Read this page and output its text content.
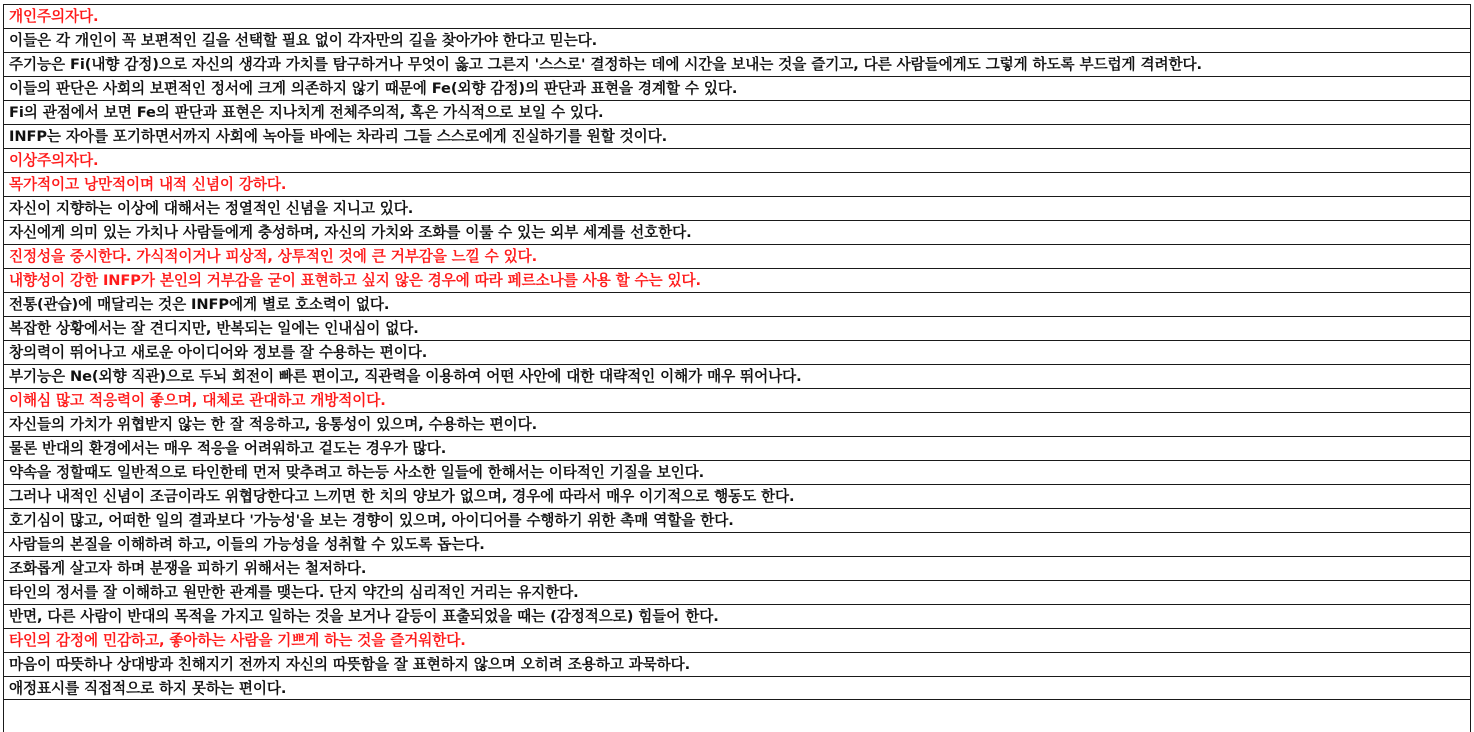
개인주의자다.
이들은 각 개인이 꼭 보편적인 길을 선택할 필요 없이 각자만의 길을 찾아가야 한다고 믿는다.
주기능은 Fi(내향 감정)으로 자신의 생각과 가치를 탐구하거나 무엇이 옳고 그른지 '스스로' 결정하는 데에 시간을 보내는 것을 즐기고, 다른 사람들에게도 그렇게 하도록 부드럽게 격려한다.
이들의 판단은 사회의 보편적인 정서에 크게 의존하지 않기 때문에 Fe(외향 감정)의 판단과 표현을 경계할 수 있다.
Fi의 관점에서 보면 Fe의 판단과 표현은 지나치게 전체주의적, 혹은 가식적으로 보일 수 있다.
INFP는 자아를 포기하면서까지 사회에 녹아들 바에는 차라리 그들 스스로에게 진실하기를 원할 것이다.
이상주의자다.
목가적이고 낭만적이며 내적 신념이 강하다.
자신이 지향하는 이상에 대해서는 정열적인 신념을 지니고 있다.
자신에게 의미 있는 가치나 사람들에게 충성하며, 자신의 가치와 조화를 이룰 수 있는 외부 세계를 선호한다.
진정성을 중시한다. 가식적이거나 피상적, 상투적인 것에 큰 거부감을 느낄 수 있다.
내향성이 강한 INFP가 본인의 거부감을 굳이 표현하고 싶지 않은 경우에 따라 페르소나를 사용 할 수는 있다.
전통(관습)에 매달리는 것은 INFP에게 별로 호소력이 없다.
복잡한 상황에서는 잘 견디지만, 반복되는 일에는 인내심이 없다.
창의력이 뛰어나고 새로운 아이디어와 정보를 잘 수용하는 편이다.
부기능은 Ne(외향 직관)으로 두뇌 회전이 빠른 편이고, 직관력을 이용하여 어떤 사안에 대한 대략적인 이해가 매우 뛰어나다.
이해심 많고 적응력이 좋으며, 대체로 관대하고 개방적이다.
자신들의 가치가 위협받지 않는 한 잘 적응하고, 융통성이 있으며, 수용하는 편이다.
물론 반대의 환경에서는 매우 적응을 어려워하고 겉도는 경우가 많다.
약속을 정할때도 일반적으로 타인한테 먼저 맞추려고 하는등 사소한 일들에 한해서는 이타적인 기질을 보인다.
그러나 내적인 신념이 조금이라도 위협당한다고 느끼면 한 치의 양보가 없으며, 경우에 따라서 매우 이기적으로 행동도 한다.
호기심이 많고, 어떠한 일의 결과보다 '가능성'을 보는 경향이 있으며, 아이디어를 수행하기 위한 촉매 역할을 한다.
사람들의 본질을 이해하려 하고, 이들의 가능성을 성취할 수 있도록 돕는다.
조화롭게 살고자 하며 분쟁을 피하기 위해서는 철저하다.
타인의 정서를 잘 이해하고 원만한 관계를 맺는다. 단지 약간의 심리적인 거리는 유지한다.
반면, 다른 사람이 반대의 목적을 가지고 일하는 것을 보거나 갈등이 표출되었을 때는 (감정적으로) 힘들어 한다.
타인의 감정에 민감하고, 좋아하는 사람을 기쁘게 하는 것을 즐거워한다.
마음이 따뜻하나 상대방과 친해지기 전까지 자신의 따뜻함을 잘 표현하지 않으며 오히려 조용하고 과묵하다.
애정표시를 직접적으로 하지 못하는 편이다.
